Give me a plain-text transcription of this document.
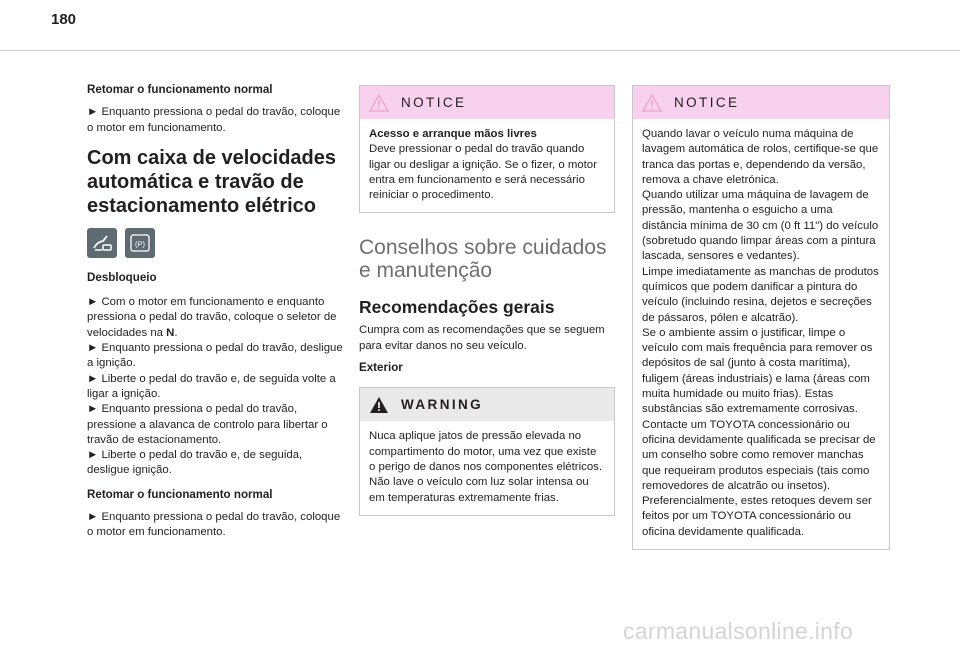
180

Retomar o funcionamento normal

► Enquanto pressiona o pedal do travão, coloque o motor em funcionamento.

Com caixa de velocidades automática e travão de estacionamento elétrico
(P)

Desbloqueio

► Com o motor em funcionamento e enquanto pressiona o pedal do travão, coloque o seletor de velocidades na N.

► Enquanto pressiona o pedal do travão, desligue a ignição.

► Liberte o pedal do travão e, de seguida volte a ligar a ignição.

► Enquanto pressiona o pedal do travão, pressione a alavanca de controlo para libertar o travão de estacionamento.

► Liberte o pedal do travão e, de seguida, desligue ignição.

Retomar o funcionamento normal

► Enquanto pressiona o pedal do travão, coloque o motor em funcionamento.

NOTICE

Acesso e arranque mãos livres

Deve pressionar o pedal do travão quando ligar ou desligar a ignição. Se o fizer, o motor entra em funcionamento e será necessário reiniciar o procedimento.

Conselhos sobre cuidados e manutenção
Recomendações gerais

Cumpra com as recomendações que se seguem para evitar danos no seu veículo.

Exterior

WARNING

Nuca aplique jatos de pressão elevada no compartimento do motor, uma vez que existe o perigo de danos nos componentes elétricos.

Não lave o veículo com luz solar intensa ou em temperaturas extremamente frias.

NOTICE

Quando lavar o veículo numa máquina de lavagem automática de rolos, certifique-se que tranca das portas e, dependendo da versão, remova a chave eletrónica.

Quando utilizar uma máquina de lavagem de pressão, mantenha o esguicho a uma distância mínima de 30 cm (0 ft 11") do veículo (sobretudo quando limpar áreas com a pintura lascada, sensores e vedantes).

Limpe imediatamente as manchas de produtos químicos que podem danificar a pintura do veículo (incluindo resina, dejetos e secreções de pássaros, pólen e alcatrão).

Se o ambiente assim o justificar, limpe o veículo com mais frequência para remover os depósitos de sal (junto à costa marítima), fuligem (áreas industriais) e lama (áreas com muita humidade ou muito frias). Estas substâncias são extremamente corrosivas.

Contacte um TOYOTA concessionário ou oficina devidamente qualificada se precisar de um conselho sobre como remover manchas que requeiram produtos especiais (tais como removedores de alcatrão ou insetos).

Preferencialmente, estes retoques devem ser feitos por um TOYOTA concessionário ou oficina devidamente qualificada.

carmanualsonline.info
